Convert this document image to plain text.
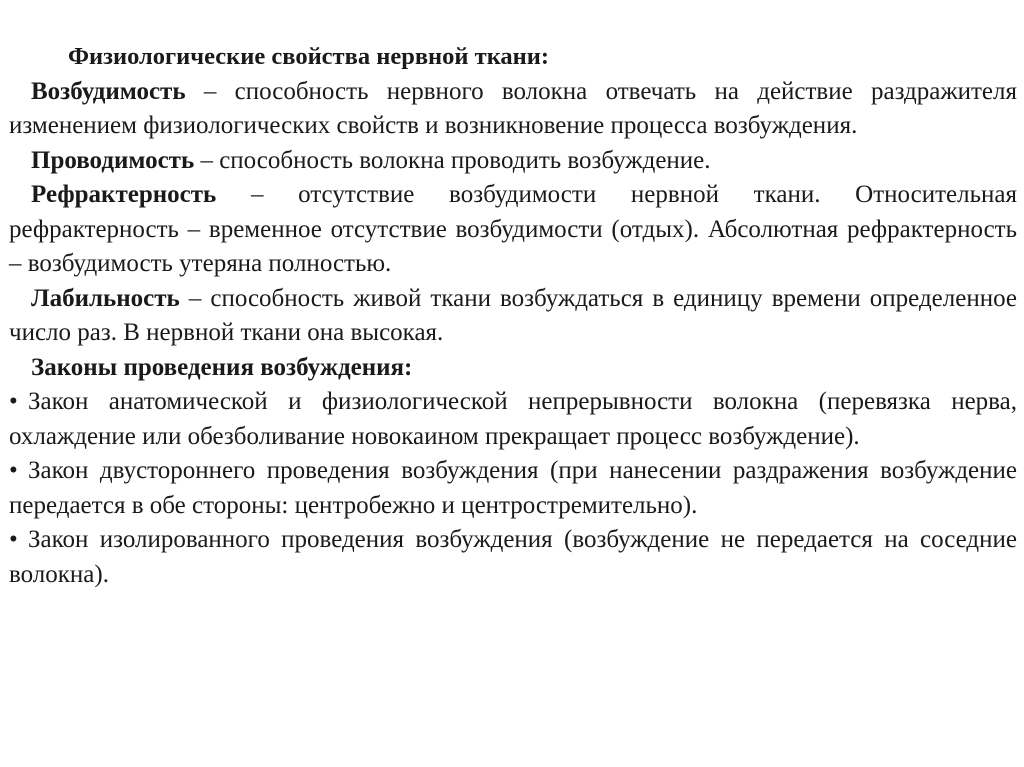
Физиологические свойства нервной ткани:

Возбудимость – способность нервного волокна отвечать на действие раздражителя изменением физиологических свойств и возникновение процесса возбуждения.

Проводимость – способность волокна проводить возбуждение.

Рефрактерность – отсутствие возбудимости нервной ткани. Относительная рефрактерность – временное отсутствие возбудимости (отдых). Абсолютная рефрактерность – возбудимость утеряна полностью.

Лабильность – способность живой ткани возбуждаться в единицу времени определенное число раз. В нервной ткани она высокая.

Законы проведения возбуждения:

• Закон анатомической и физиологической непрерывности волокна (перевязка нерва, охлаждение или обезболивание новокаином прекращает процесс возбуждение).

• Закон двустороннего проведения возбуждения (при нанесении раздражения возбуждение передается в обе стороны: центробежно и центростремительно).

• Закон изолированного проведения возбуждения (возбуждение не передается на соседние волокна).
